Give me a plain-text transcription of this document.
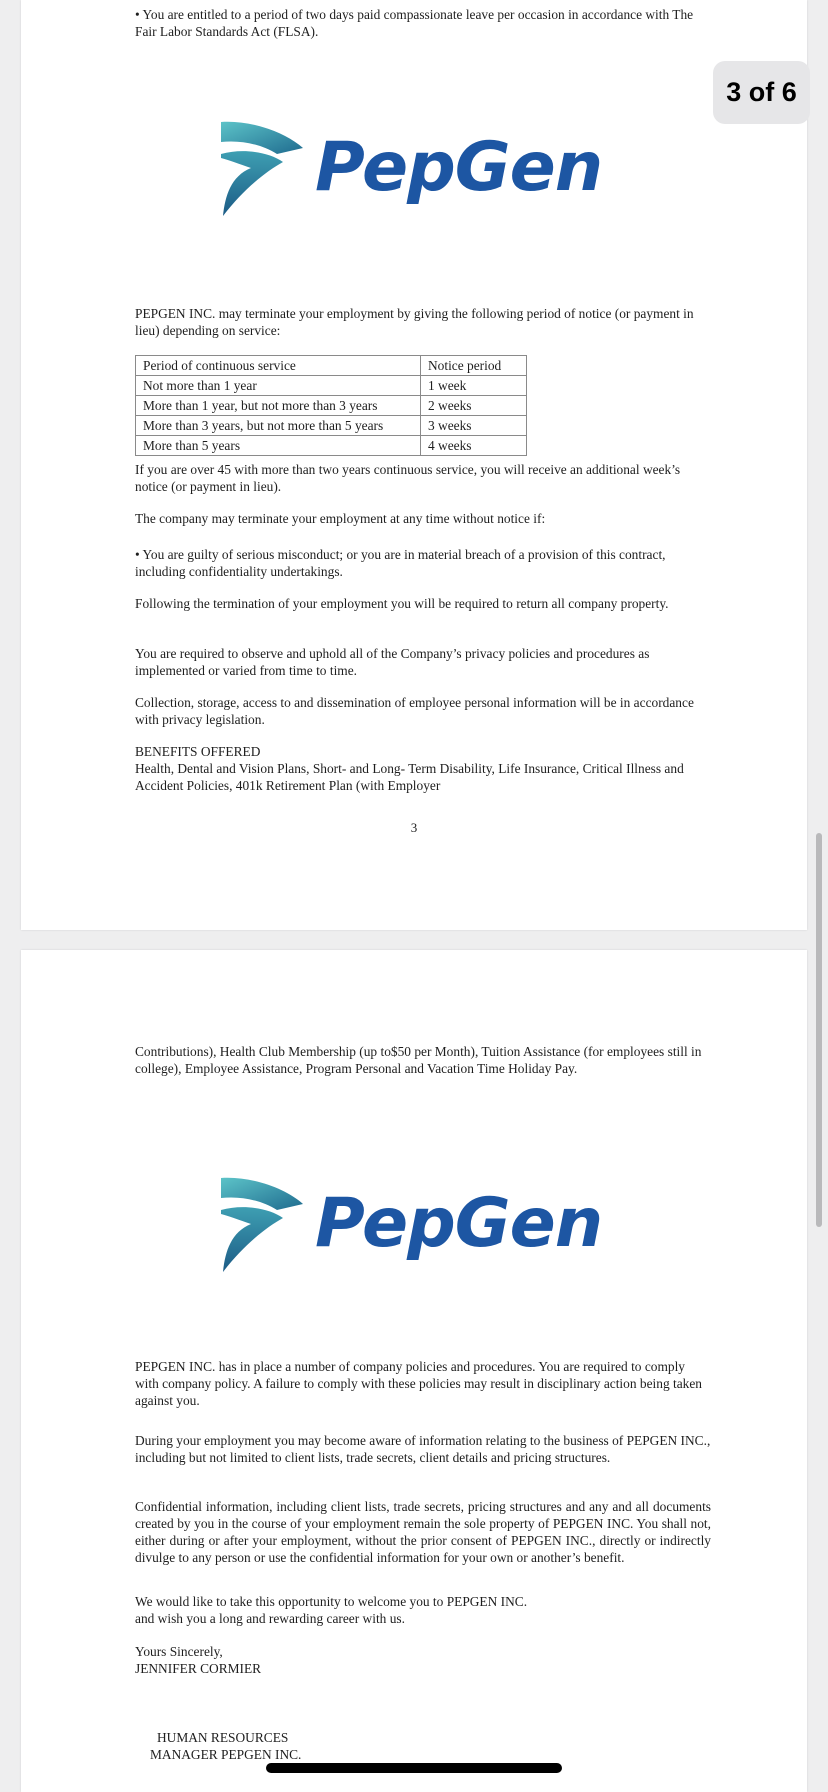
• You are entitled to a period of two days paid compassionate leave per occasion in accordance with The Fair Labor Standards Act (FLSA).

PepGen

PEPGEN INC. may terminate your employment by giving the following period of notice (or payment in lieu) depending on service:

Period of continuous service	Notice period
Not more than 1 year	1 week
More than 1 year, but not more than 3 years	2 weeks
More than 3 years, but not more than 5 years	3 weeks
More than 5 years	4 weeks

If you are over 45 with more than two years continuous service, you will receive an additional week’s notice (or payment in lieu).

The company may terminate your employment at any time without notice if:

• You are guilty of serious misconduct; or you are in material breach of a provision of this contract, including confidentiality undertakings.

Following the termination of your employment you will be required to return all company property.

You are required to observe and uphold all of the Company’s privacy policies and procedures as implemented or varied from time to time.

Collection, storage, access to and dissemination of employee personal information will be in accordance with privacy legislation.

BENEFITS OFFERED

Health, Dental and Vision Plans, Short- and Long- Term Disability, Life Insurance, Critical Illness and Accident Policies, 401k Retirement Plan (with Employer

3

Contributions), Health Club Membership (up to$50 per Month), Tuition Assistance (for employees still in college), Employee Assistance, Program Personal and Vacation Time Holiday Pay.

PepGen

PEPGEN INC. has in place a number of company policies and procedures. You are required to comply with company policy. A failure to comply with these policies may result in disciplinary action being taken against you.

During your employment you may become aware of information relating to the business of PEPGEN INC., including but not limited to client lists, trade secrets, client details and pricing structures.

Confidential information, including client lists, trade secrets, pricing structures and any and all documents created by you in the course of your employment remain the sole property of PEPGEN INC. You shall not, either during or after your employment, without the prior consent of PEPGEN INC., directly or indirectly divulge to any person or use the confidential information for your own or another’s benefit.

We would like to take this opportunity to welcome you to PEPGEN INC.

and wish you a long and rewarding career with us.

Yours Sincerely,

JENNIFER CORMIER

HUMAN RESOURCES

MANAGER PEPGEN INC.

3 of 6
